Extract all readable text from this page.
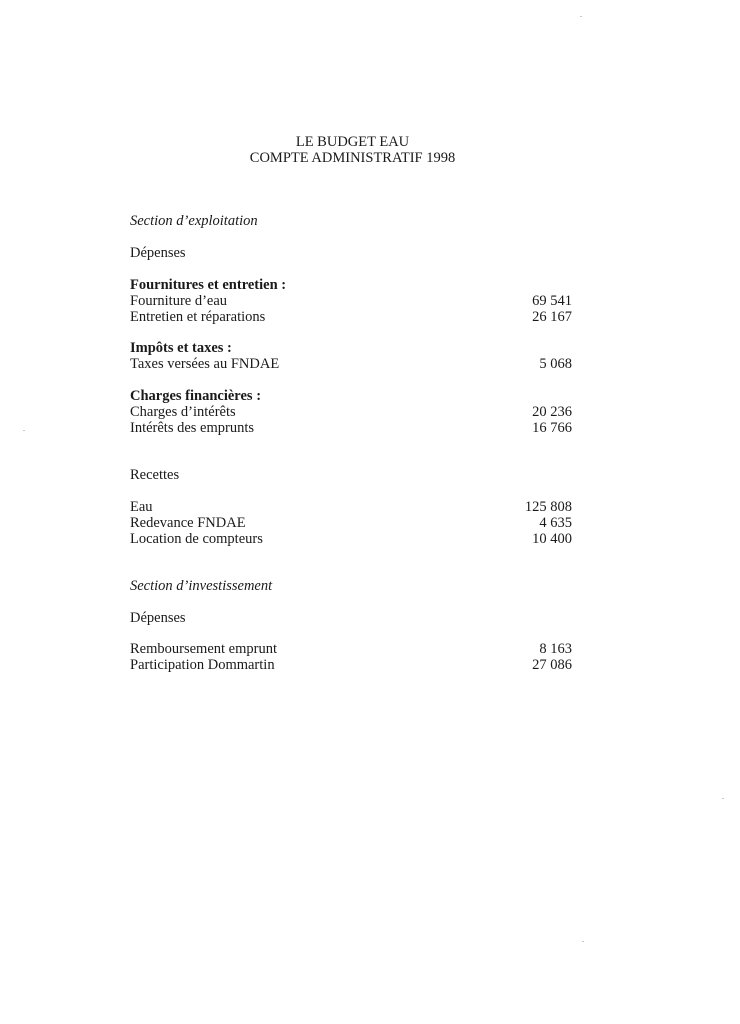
LE BUDGET EAU
COMPTE ADMINISTRATIF 1998
Section d’exploitation
Dépenses
Fournitures et entretien :
Fourniture d’eau	69 541
Entretien et réparations	26 167
Impôts et taxes :
Taxes versées au FNDAE	5 068
Charges financières :
Charges d’intérêts	20 236
Intérêts des emprunts	16 766
Recettes
Eau	125 808
Redevance FNDAE	4 635
Location de compteurs	10 400
Section d’investissement
Dépenses
Remboursement emprunt	8 163
Participation Dommartin	27 086
